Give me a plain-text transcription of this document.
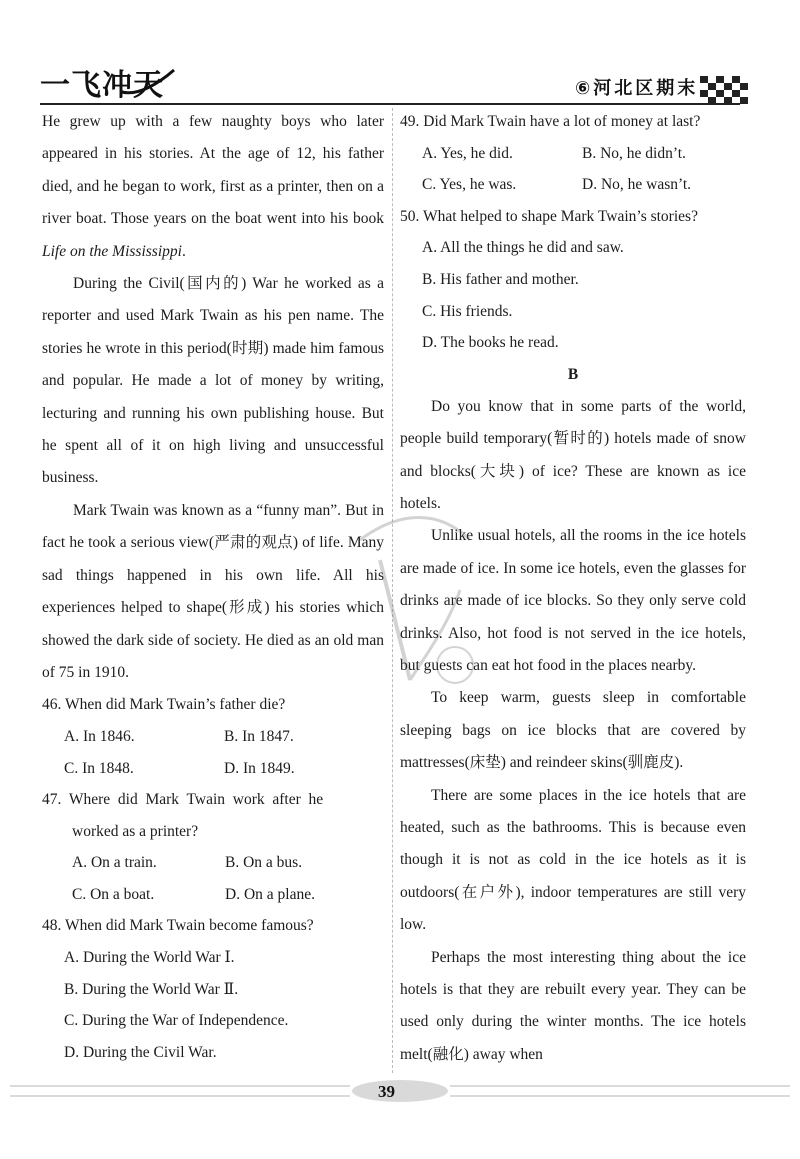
一飞冲天	⑥河北区期末

He grew up with a few naughty boys who later appeared in his stories. At the age of 12, his father died, and he began to work, first as a printer, then on a river boat. Those years on the boat went into his book Life on the Mississippi.

During the Civil(国内的) War he worked as a reporter and used Mark Twain as his pen name. The stories he wrote in this period(时期) made him famous and popular. He made a lot of money by writing, lecturing and running his own publishing house. But he spent all of it on high living and unsuccessful business.

Mark Twain was known as a “funny man”. But in fact he took a serious view(严肃的观点) of life. Many sad things happened in his own life. All his experiences helped to shape(形成) his stories which showed the dark side of society. He died as an old man of 75 in 1910.

46. When did Mark Twain’s father die?
A. In 1846.	B. In 1847.
C. In 1848.	D. In 1849.
47.  Where  did  Mark  Twain  work  after  he
worked as a printer?
A. On a train.	B. On a bus.
C. On a boat.	D. On a plane.
48. When did Mark Twain become famous?
A. During the World War Ⅰ.
B. During the World War Ⅱ.
C. During the War of Independence.
D. During the Civil War.
49. Did Mark Twain have a lot of money at last?
A. Yes, he did.	B. No, he didn’t.
C. Yes, he was.	D. No, he wasn’t.
50. What helped to shape Mark Twain’s stories?
A. All the things he did and saw.
B. His father and mother.
C. His friends.
D. The books he read.
B

Do you know that in some parts of the world, people build temporary(暂时的) hotels made of snow and blocks(大块) of ice? These are known as ice hotels.

Unlike usual hotels, all the rooms in the ice hotels are made of ice. In some ice hotels, even the glasses for drinks are made of ice blocks. So they only serve cold drinks. Also, hot food is not served in the ice hotels, but guests can eat hot food in the places nearby.

To keep warm, guests sleep in comfortable sleeping bags on ice blocks that are covered by mattresses(床垫) and reindeer skins(驯鹿皮).

There are some places in the ice hotels that are heated, such as the bathrooms. This is because even though it is not as cold in the ice hotels as it is outdoors(在户外), indoor temperatures are still very low.

Perhaps the most interesting thing about the ice hotels is that they are rebuilt every year. They can be used only during the winter months. The ice hotels melt(融化) away when

39
